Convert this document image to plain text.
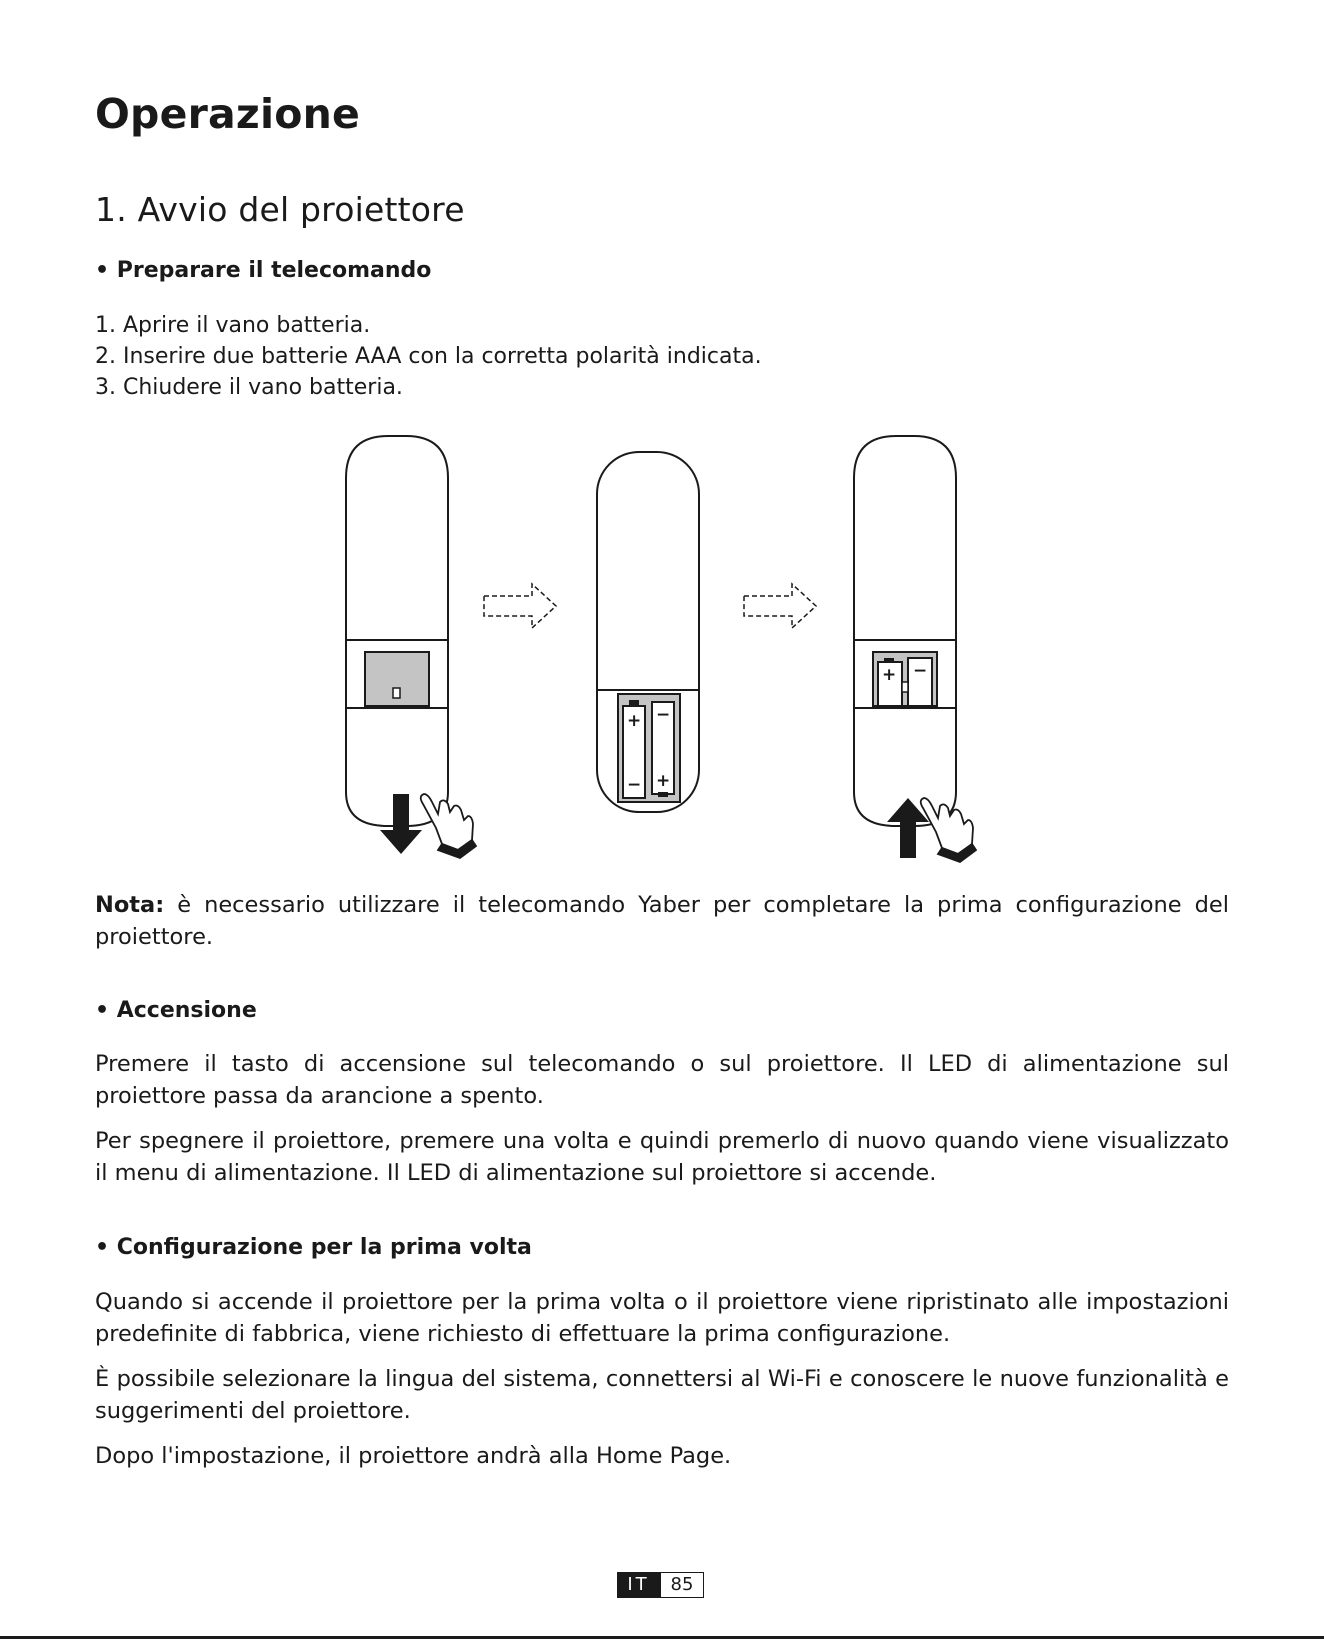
Operazione
1. Avvio del proiettore

• Preparare il telecomando

1. Aprire il vano batteria.
2. Inserire due batterie AAA con la corretta polarità indicata.
3. Chiudere il vano batteria.

Nota: è necessario utilizzare il telecomando Yaber per completare la prima configurazione del proiettore.

• Accensione

Premere il tasto di accensione sul telecomando o sul proiettore. Il LED di alimentazione sul proiettore passa da arancione a spento.

Per spegnere il proiettore, premere una volta e quindi premerlo di nuovo quando viene visualizzato il menu di alimentazione. Il LED di alimentazione sul proiettore si accende.

• Configurazione per la prima volta

Quando si accende il proiettore per la prima volta o il proiettore viene ripristinato alle impostazioni predefinite di fabbrica, viene richiesto di effettuare la prima configurazione.

È possibile selezionare la lingua del sistema, connettersi al Wi-Fi e conoscere le nuove funzionalità e suggerimenti del proiettore.

Dopo l'impostazione, il proiettore andrà alla Home Page.

+ −
− +
+ −
IT	85
